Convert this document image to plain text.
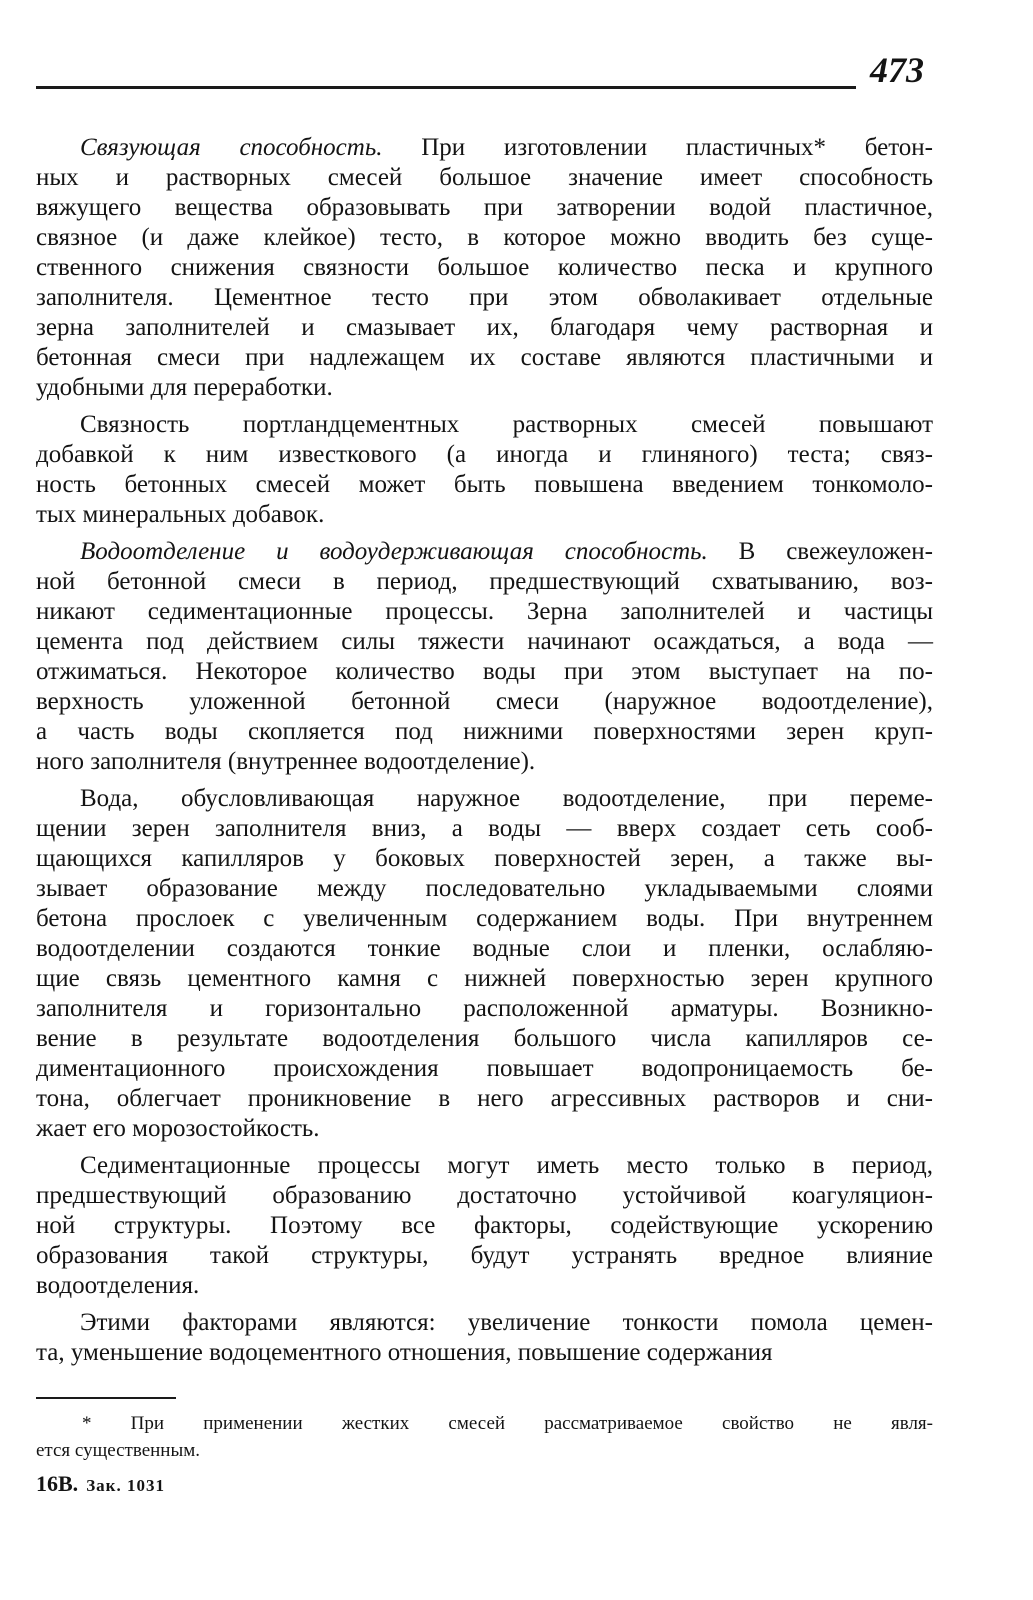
473
Связующая способность. При изготовлении пластичных* бетон-
ных и растворных смесей большое значение имеет способность
вяжущего вещества образовывать при затворении водой пластичное,
связное (и даже клейкое) тесто, в которое можно вводить без суще-
ственного снижения связности большое количество песка и крупного
заполнителя. Цементное тесто при этом обволакивает отдельные
зерна заполнителей и смазывает их, благодаря чему растворная и
бетонная смеси при надлежащем их составе являются пластичными и
удобными для переработки.
Связность портландцементных растворных смесей повышают
добавкой к ним известкового (а иногда и глиняного) теста; связ-
ность бетонных смесей может быть повышена введением тонкомоло-
тых минеральных добавок.
Водоотделение и водоудерживающая способность. В свежеуложен-
ной бетонной смеси в период, предшествующий схватыванию, воз-
никают седиментационные процессы. Зерна заполнителей и частицы
цемента под действием силы тяжести начинают осаждаться, а вода —
отжиматься. Некоторое количество воды при этом выступает на по-
верхность уложенной бетонной смеси (наружное водоотделение),
а часть воды скопляется под нижними поверхностями зерен круп-
ного заполнителя (внутреннее водоотделение).
Вода, обусловливающая наружное водоотделение, при переме-
щении зерен заполнителя вниз, а воды — вверх создает сеть сооб-
щающихся капилляров у боковых поверхностей зерен, а также вы-
зывает образование между последовательно укладываемыми слоями
бетона прослоек с увеличенным содержанием воды. При внутреннем
водоотделении создаются тонкие водные слои и пленки, ослабляю-
щие связь цементного камня с нижней поверхностью зерен крупного
заполнителя и горизонтально расположенной арматуры. Возникно-
вение в результате водоотделения большого числа капилляров се-
диментационного происхождения повышает водопроницаемость бе-
тона, облегчает проникновение в него агрессивных растворов и сни-
жает его морозостойкость.
Седиментационные процессы могут иметь место только в период,
предшествующий образованию достаточно устойчивой коагуляцион-
ной структуры. Поэтому все факторы, содействующие ускорению
образования такой структуры, будут устранять вредное влияние
водоотделения.
Этими факторами являются: увеличение тонкости помола цемен-
та, уменьшение водоцементного отношения, повышение содержания
* При применении жестких смесей рассматриваемое свойство не явля-
ется существенным.
16В. Зак. 1031
